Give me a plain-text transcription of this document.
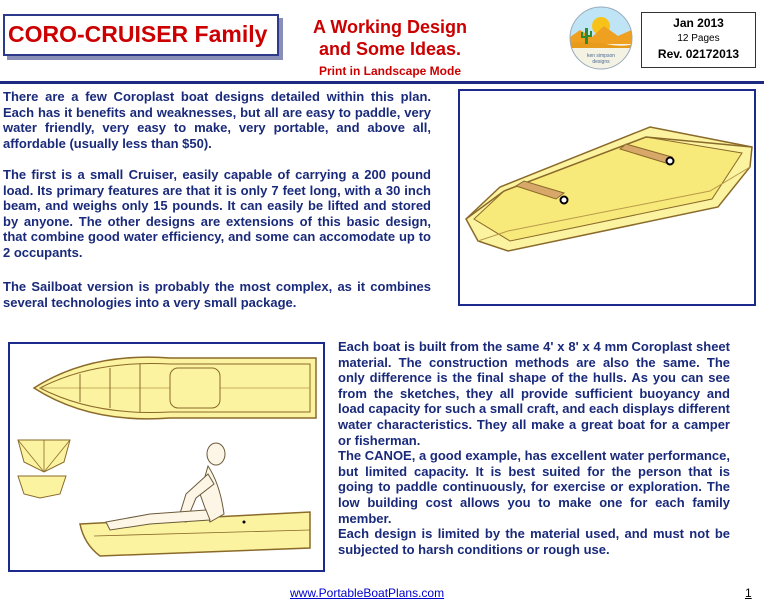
CORO-CRUISER Family	A Working Design
and Some Ideas.
Print in Landscape Mode
ken simpson
designs
Jan 2013
12 Pages
Rev. 02172013
There are a few Coroplast boat designs detailed within this plan. Each has it benefits and weaknesses, but all are easy to paddle, very water friendly, very easy to make, very portable, and above all, affordable (usually less than $50).
The first is a small Cruiser, easily capable of carrying a 200 pound load. Its primary features are that it is only 7 feet long, with a 30 inch beam, and weighs only 15 pounds. It can easily be lifted and stored by anyone. The other designs are extensions of this basic design, that combine good water efficiency, and some can accomodate up to 2 occupants.
The Sailboat version is probably the most complex, as it combines several technologies into a very small package.

Each boat is built from the same 4' x 8' x 4 mm Coroplast sheet material. The construction methods are also the same. The only difference is the final shape of the hulls. As you can see from the sketches, they all provide sufficient buoyancy and load capacity for such a small craft, and each displays different water characteristics. They all make a great boat for a camper or fisherman.

The CANOE, a good example, has excellent water performance, but limited capacity. It is best suited for the person that is going to paddle continuously, for exercise or exploration. The low building cost allows you to make one for each family member.

Each design is limited by the material used, and must not be subjected to harsh conditions or rough use.

www.PortableBoatPlans.com	1
